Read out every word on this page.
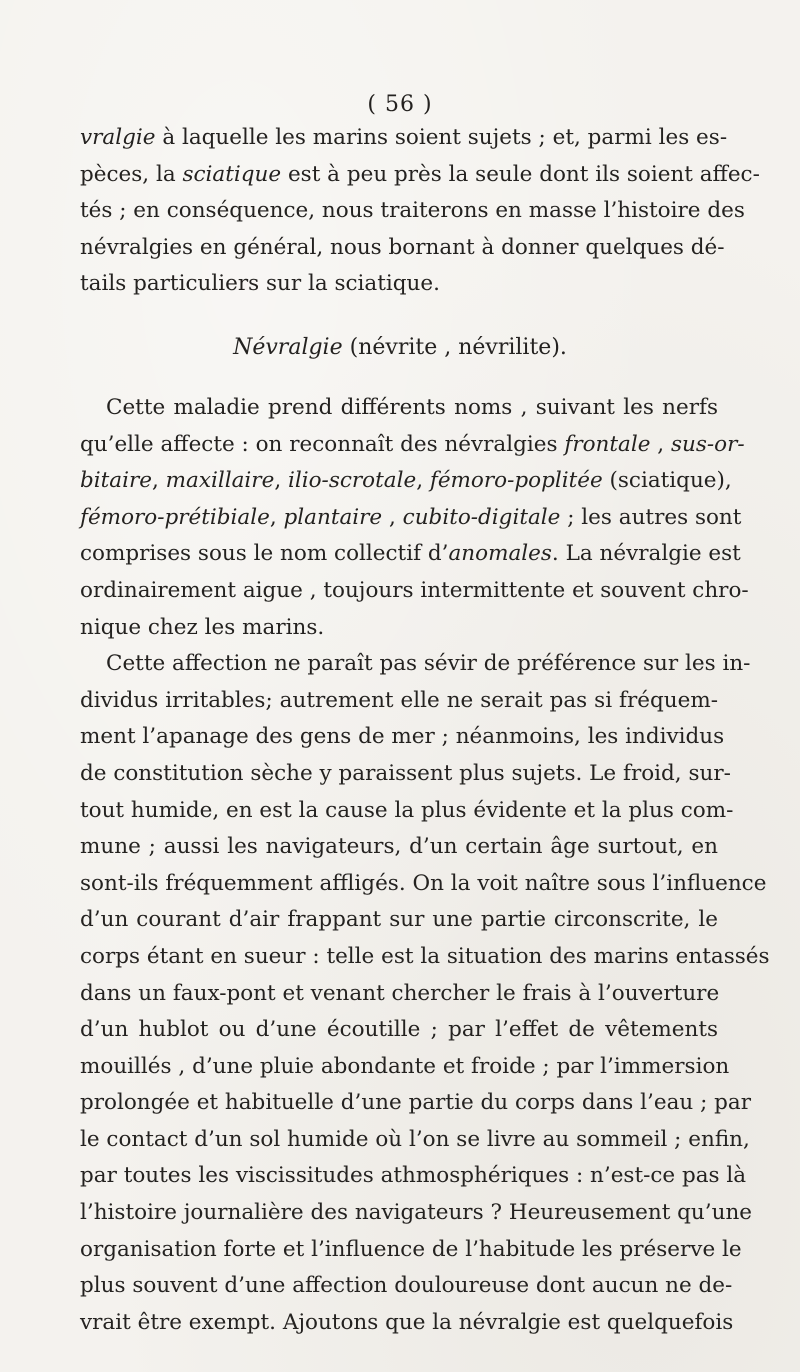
( 56 )
vralgie à laquelle les marins soient sujets ; et, parmi les es-
pèces, la sciatique est à peu près la seule dont ils soient affec-
tés ; en conséquence, nous traiterons en masse l’histoire des
névralgies en général, nous bornant à donner quelques dé-
tails particuliers sur la sciatique.
Névralgie (névrite , névrilite).
Cette maladie prend différents noms , suivant les nerfs
qu’elle affecte : on reconnaît des névralgies frontale , sus-or-
bitaire, maxillaire, ilio-scrotale, fémoro-poplitée (sciatique),
fémoro-prétibiale, plantaire , cubito-digitale ; les autres sont
comprises sous le nom collectif d’anomales. La névralgie est
ordinairement aigue , toujours intermittente et souvent chro-
nique chez les marins.
Cette affection ne paraît pas sévir de préférence sur les in-
dividus irritables; autrement elle ne serait pas si fréquem-
ment l’apanage des gens de mer ; néanmoins, les individus
de constitution sèche y paraissent plus sujets. Le froid, sur-
tout humide, en est la cause la plus évidente et la plus com-
mune ; aussi les navigateurs, d’un certain âge surtout, en
sont-ils fréquemment affligés. On la voit naître sous l’influence
d’un courant d’air frappant sur une partie circonscrite, le
corps étant en sueur : telle est la situation des marins entassés
dans un faux-pont et venant chercher le frais à l’ouverture
d’un hublot ou d’une écoutille ; par l’effet de vêtements
mouillés , d’une pluie abondante et froide ; par l’immersion
prolongée et habituelle d’une partie du corps dans l’eau ; par
le contact d’un sol humide où l’on se livre au sommeil ; enfin,
par toutes les viscissitudes athmosphériques : n’est-ce pas là
l’histoire journalière des navigateurs ? Heureusement qu’une
organisation forte et l’influence de l’habitude les préserve le
plus souvent d’une affection douloureuse dont aucun ne de-
vrait être exempt. Ajoutons que la névralgie est quelquefois
